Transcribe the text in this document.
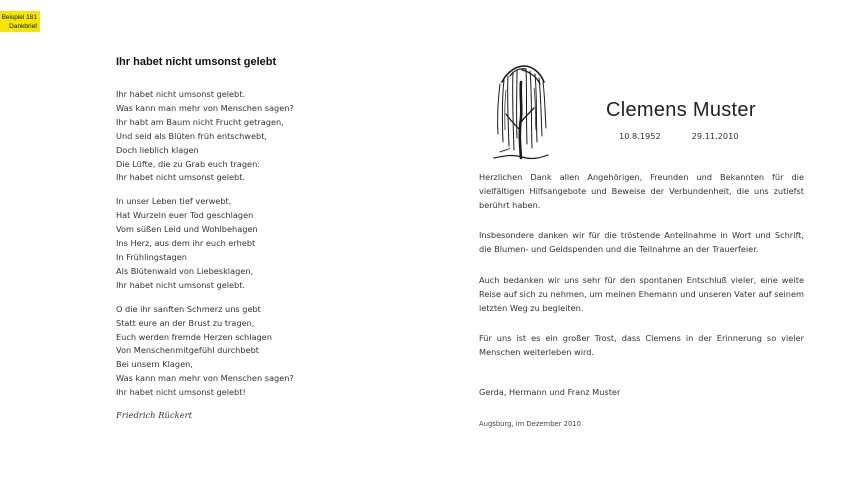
Beispiel 181
Dankbrief
Ihr habet nicht umsonst gelebt
Ihr habet nicht umsonst gelebt.
Was kann man mehr von Menschen sagen?
Ihr habt am Baum nicht Frucht getragen,
Und seid als Blüten früh entschwebt,
Doch lieblich klagen
Die Lüfte, die zu Grab euch tragen:
Ihr habet nicht umsonst gelebt.
In unser Leben tief verwebt,
Hat Wurzeln euer Tod geschlagen
Vom süßen Leid und Wohlbehagen
Ins Herz, aus dem ihr euch erhebt
In Frühlingstagen
Als Blütenwald von Liebesklagen,
Ihr habet nicht umsonst gelebt.
O die ihr sanften Schmerz uns gebt
Statt eure an der Brust zu tragen,
Euch werden fremde Herzen schlagen
Von Menschenmitgefühl durchbebt
Bei unsern Klagen,
Was kann man mehr von Menschen sagen?
Ihr habet nicht umsonst gelebt!
Friedrich Rückert
Clemens Muster
10.8.1952	29.11.2010

Herzlichen Dank allen Angehörigen, Freunden und Bekannten für die vielfältigen Hilfsangebote und Beweise der Verbundenheit, die uns zutiefst berührt haben.

Insbesondere danken wir für die tröstende Anteilnahme in Wort und Schrift, die Blumen- und Geldspenden und die Teilnahme an der Trauerfeier.

Auch bedanken wir uns sehr für den spontanen Entschluß vieler, eine weite Reise auf sich zu nehmen, um meinen Ehemann und unseren Vater auf seinem letzten Weg zu begleiten.

Für uns ist es ein großer Trost, dass Clemens in der Erinnerung so vieler Menschen weiterleben wird.

Gerda, Hermann und Franz Muster

Augsburg, im Dezember 2010
